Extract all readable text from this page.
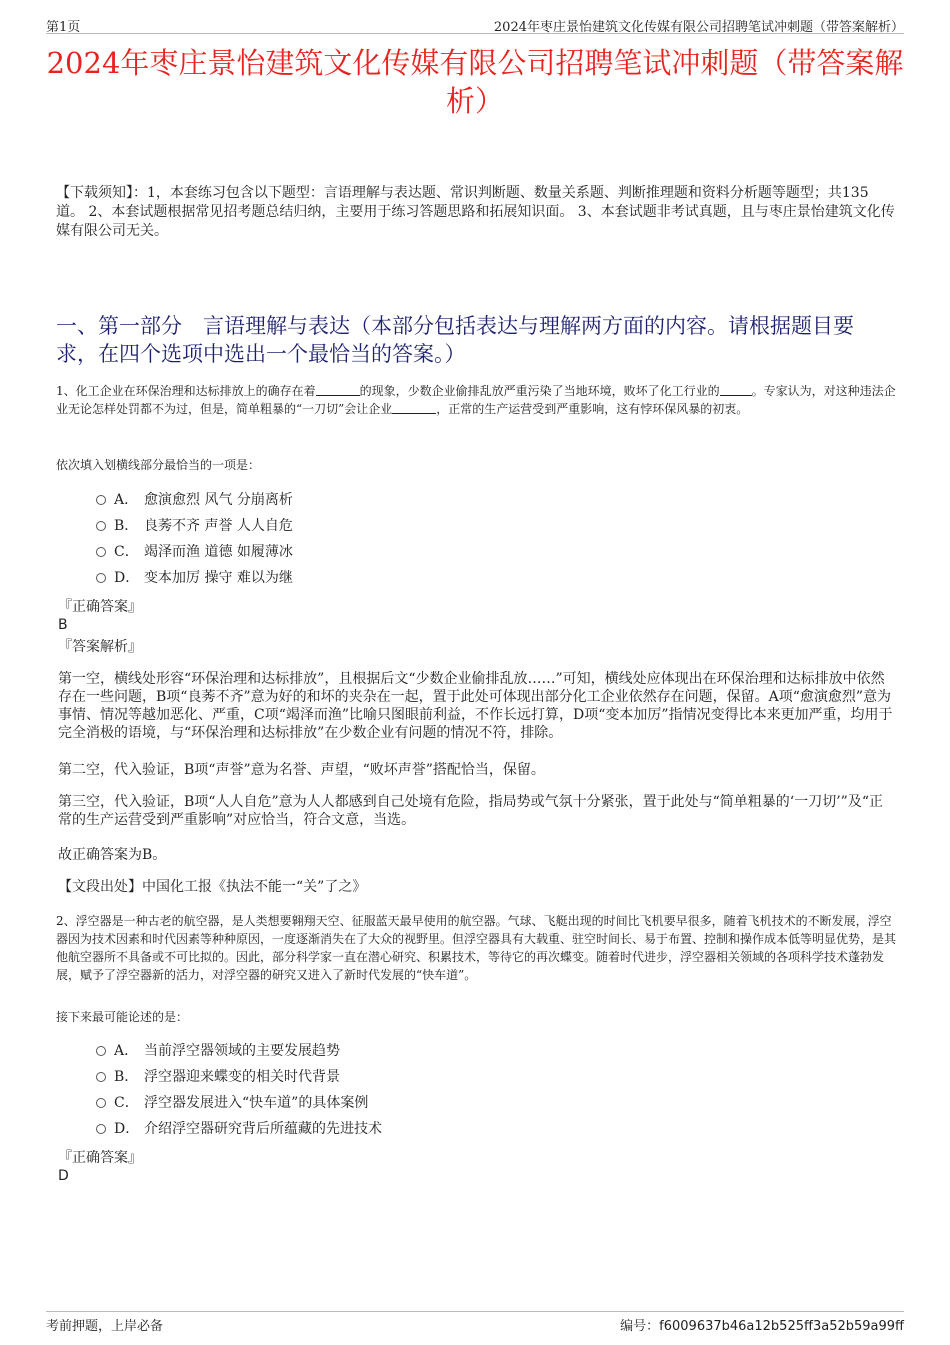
第1页	2024年枣庄景怡建筑文化传媒有限公司招聘笔试冲刺题（带答案解析）
2024年枣庄景怡建筑文化传媒有限公司招聘笔试冲刺题（带答案解析）
【下载须知】：1，本套练习包含以下题型：言语理解与表达题、常识判断题、数量关系题、判断推理题和资料分析题等题型；共135道。 2、本套试题根据常见招考题总结归纳，主要用于练习答题思路和拓展知识面。 3、本套试题非考试真题，且与枣庄景怡建筑文化传媒有限公司无关。
一、第一部分　言语理解与表达（本部分包括表达与理解两方面的内容。请根据题目要求，在四个选项中选出一个最恰当的答案。）
1、化工企业在环保治理和达标排放上的确存在着	的现象，少数企业偷排乱放严重污染了当地环境，败坏了化工行业的	。专家认为，对这种违法企业无论怎样处罚都不为过，但是，简单粗暴的“一刀切”会让企业	，正常的生产运营受到严重影响，这有悖环保风暴的初衷。
依次填入划横线部分最恰当的一项是：
A． 愈演愈烈 风气 分崩离析
B． 良莠不齐 声誉 人人自危
C． 竭泽而渔 道德 如履薄冰
D． 变本加厉 操守 难以为继
『正确答案』
B
『答案解析』
第一空，横线处形容“环保治理和达标排放”，且根据后文“少数企业偷排乱放……”可知，横线处应体现出在环保治理和达标排放中依然存在一些问题，B项“良莠不齐”意为好的和坏的夹杂在一起，置于此处可体现出部分化工企业依然存在问题，保留。A项“愈演愈烈”意为事情、情况等越加恶化、严重，C项“竭泽而渔”比喻只图眼前利益，不作长远打算，D项“变本加厉”指情况变得比本来更加严重，均用于完全消极的语境，与“环保治理和达标排放”在少数企业有问题的情况不符，排除。
第二空，代入验证，B项“声誉”意为名誉、声望，“败坏声誉”搭配恰当，保留。
第三空，代入验证，B项“人人自危”意为人人都感到自己处境有危险，指局势或气氛十分紧张，置于此处与“简单粗暴的‘一刀切’”及“正常的生产运营受到严重影响”对应恰当，符合文意，当选。
故正确答案为B。
【文段出处】中国化工报《执法不能一“关”了之》
2、浮空器是一种古老的航空器，是人类想要翱翔天空、征服蓝天最早使用的航空器。气球、飞艇出现的时间比飞机要早很多，随着飞机技术的不断发展，浮空器因为技术因素和时代因素等种种原因，一度逐渐消失在了大众的视野里。但浮空器具有大载重、驻空时间长、易于布置、控制和操作成本低等明显优势，是其他航空器所不具备或不可比拟的。因此，部分科学家一直在潜心研究、积累技术，等待它的再次蝶变。随着时代进步，浮空器相关领域的各项科学技术蓬勃发展，赋予了浮空器新的活力，对浮空器的研究又进入了新时代发展的“快车道”。
接下来最可能论述的是：
A． 当前浮空器领域的主要发展趋势
B． 浮空器迎来蝶变的相关时代背景
C． 浮空器发展进入“快车道”的具体案例
D． 介绍浮空器研究背后所蕴藏的先进技术
『正确答案』
D
考前押题，上岸必备	编号：f6009637b46a12b525ff3a52b59a99ff
